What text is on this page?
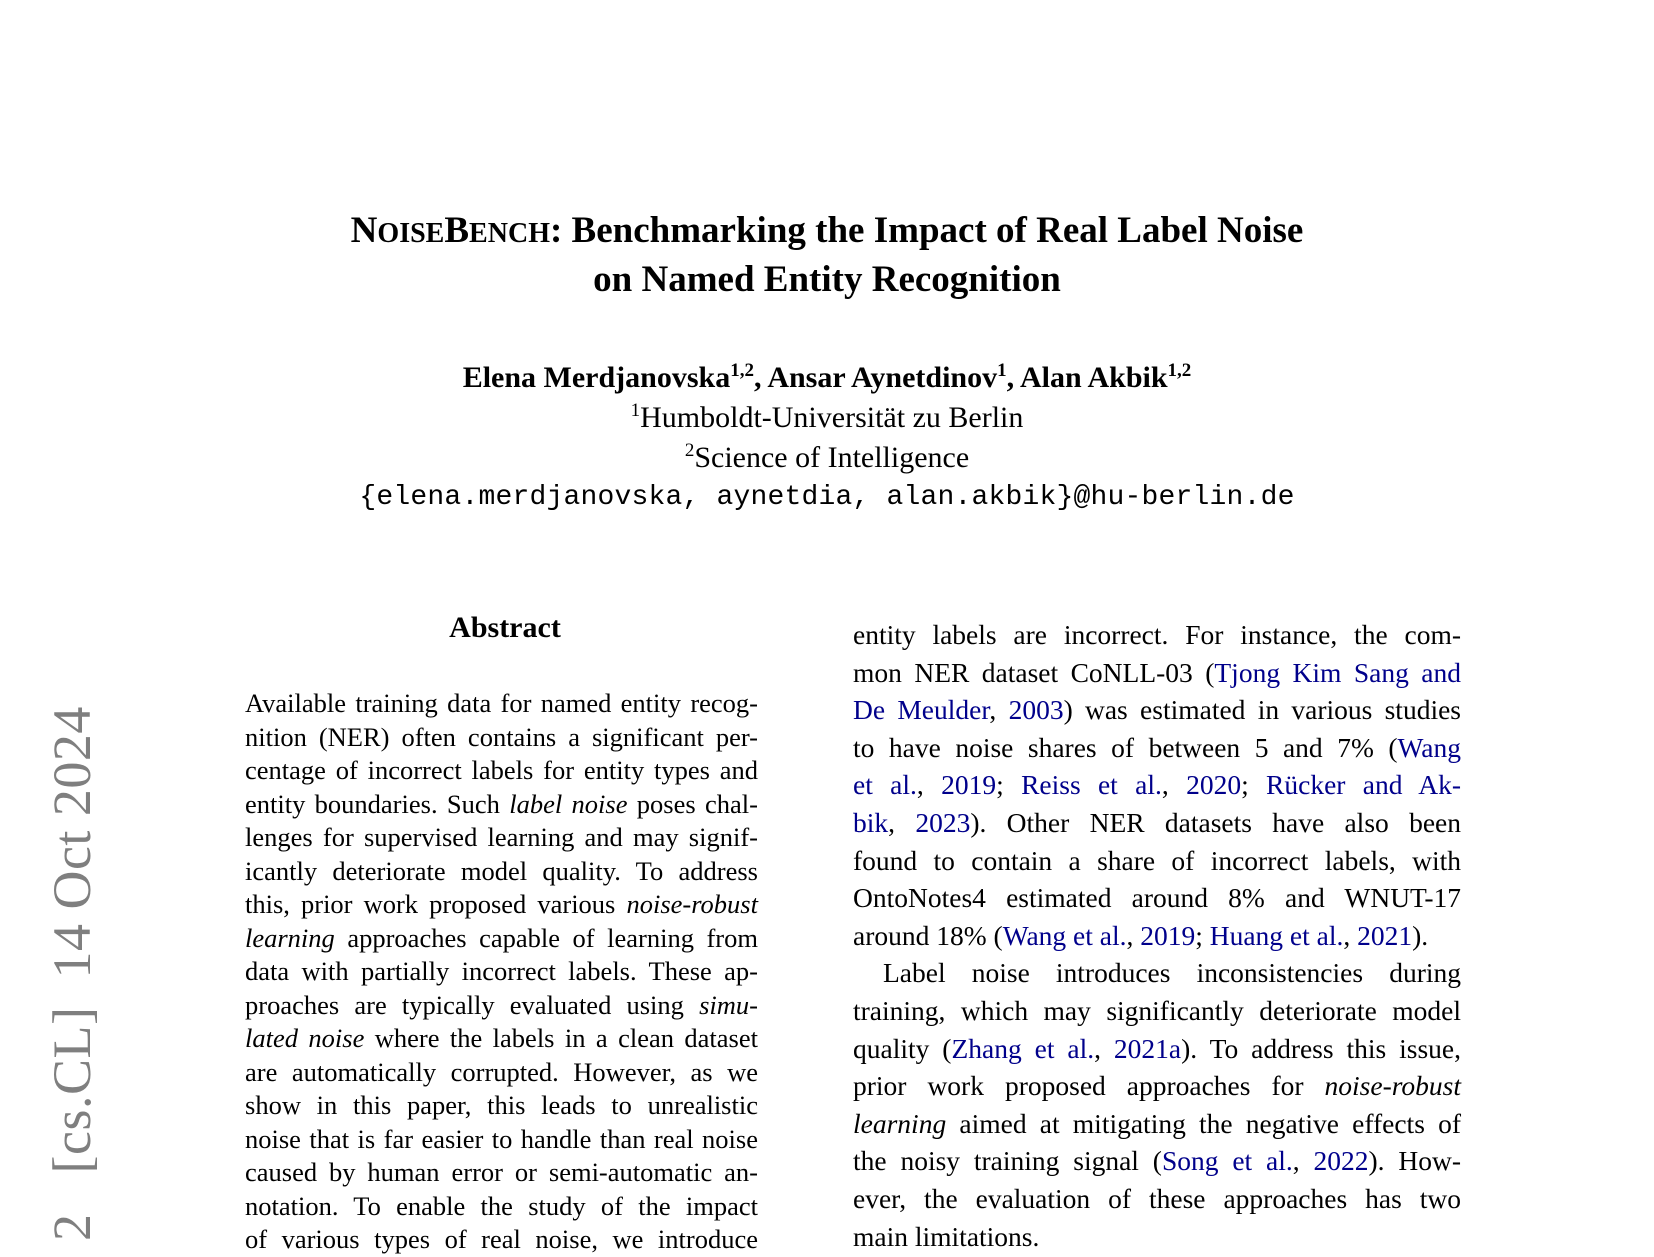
NOISEBENCH: Benchmarking the Impact of Real Label Noise
on Named Entity Recognition
Elena Merdjanovska$^{1,2}$, Ansar Aynetdinov$^1$, Alan Akbik$^{1,2}$
$^1$Humboldt-Universität zu Berlin
$^2$Science of Intelligence
{elena.merdjanovska, aynetdia, alan.akbik}@hu-berlin.de
2[cs.CL]  14 Oct 2024
Abstract
Available training data for named entity recog-
nition (NER) often contains a significant per-
centage of incorrect labels for entity types and
entity boundaries. Such label noise poses chal-
lenges for supervised learning and may signif-
icantly deteriorate model quality. To address
this, prior work proposed various noise-robust
learning approaches capable of learning from
data with partially incorrect labels. These ap-
proaches are typically evaluated using simu-
lated noise where the labels in a clean dataset
are automatically corrupted. However, as we
show in this paper, this leads to unrealistic
noise that is far easier to handle than real noise
caused by human error or semi-automatic an-
notation. To enable the study of the impact
of various types of real noise, we introduce
entity labels are incorrect. For instance, the com-
mon NER dataset CoNLL-03 (Tjong Kim Sang and
De Meulder, 2003) was estimated in various studies
to have noise shares of between 5 and 7% (Wang
et al., 2019; Reiss et al., 2020; Rücker and Ak-
bik, 2023). Other NER datasets have also been
found to contain a share of incorrect labels, with
OntoNotes4 estimated around 8% and WNUT-17
around 18% (Wang et al., 2019; Huang et al., 2021).
Label noise introduces inconsistencies during
training, which may significantly deteriorate model
quality (Zhang et al., 2021a). To address this issue,
prior work proposed approaches for noise-robust
learning aimed at mitigating the negative effects of
the noisy training signal (Song et al., 2022). How-
ever, the evaluation of these approaches has two
main limitations.
